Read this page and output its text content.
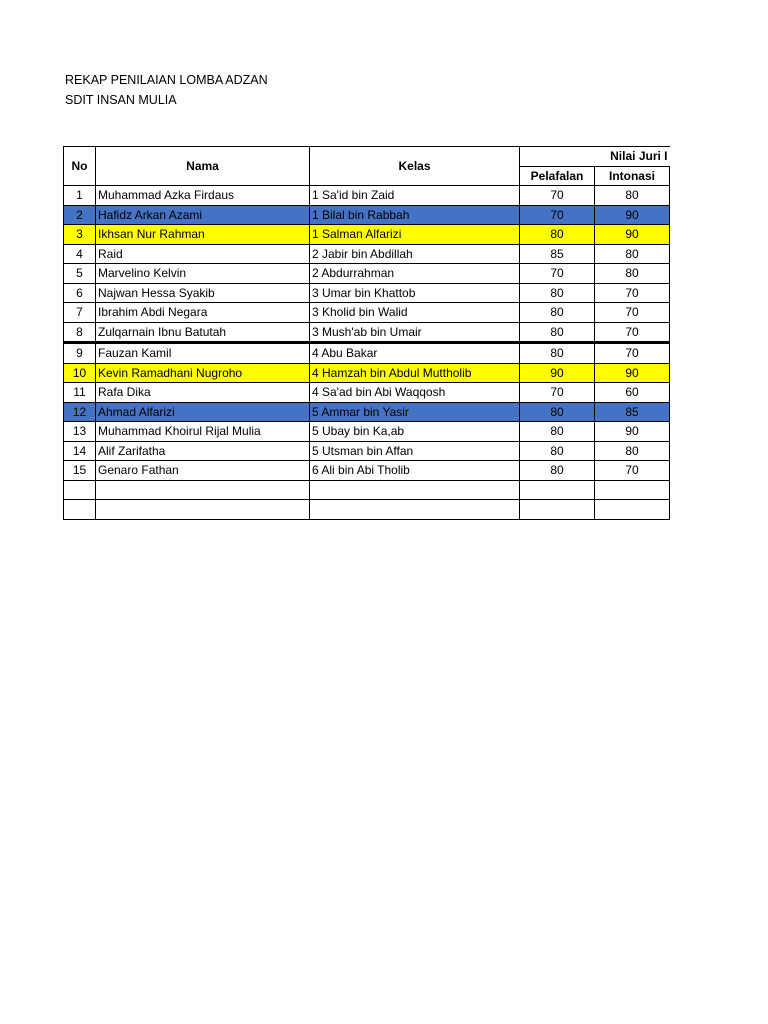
REKAP PENILAIAN LOMBA ADZAN
SDIT INSAN MULIA
No	Nama	Kelas	Nilai Juri I	
			Pelafalan	Intonasi
1	Muhammad Azka Firdaus	1 Sa'id bin Zaid	70	80
2	Hafidz Arkan Azami	1 Bilal bin Rabbah	70	90
3	Ikhsan Nur Rahman	1 Salman Alfarizi	80	90
4	Raid	2 Jabir bin Abdillah	85	80
5	Marvelino Kelvin	2 Abdurrahman	70	80
6	Najwan Hessa Syakib	3 Umar bin Khattob	80	70
7	Ibrahim Abdi Negara	3 Kholid bin Walid	80	70
8	Zulqarnain Ibnu Batutah	3 Mush'ab bin Umair	80	70
9	Fauzan Kamil	4 Abu Bakar	80	70
10	Kevin Ramadhani Nugroho	4 Hamzah bin Abdul Muttholib	90	90
11	Rafa Dika	4 Sa'ad bin Abi Waqqosh	70	60
12	Ahmad Alfarizi	5 Ammar bin Yasir	80	85
13	Muhammad Khoirul Rijal Mulia	5 Ubay bin Ka,ab	80	90
14	Alif Zarifatha	5 Utsman bin Affan	80	80
15	Genaro Fathan	6 Ali bin Abi Tholib	80	70
